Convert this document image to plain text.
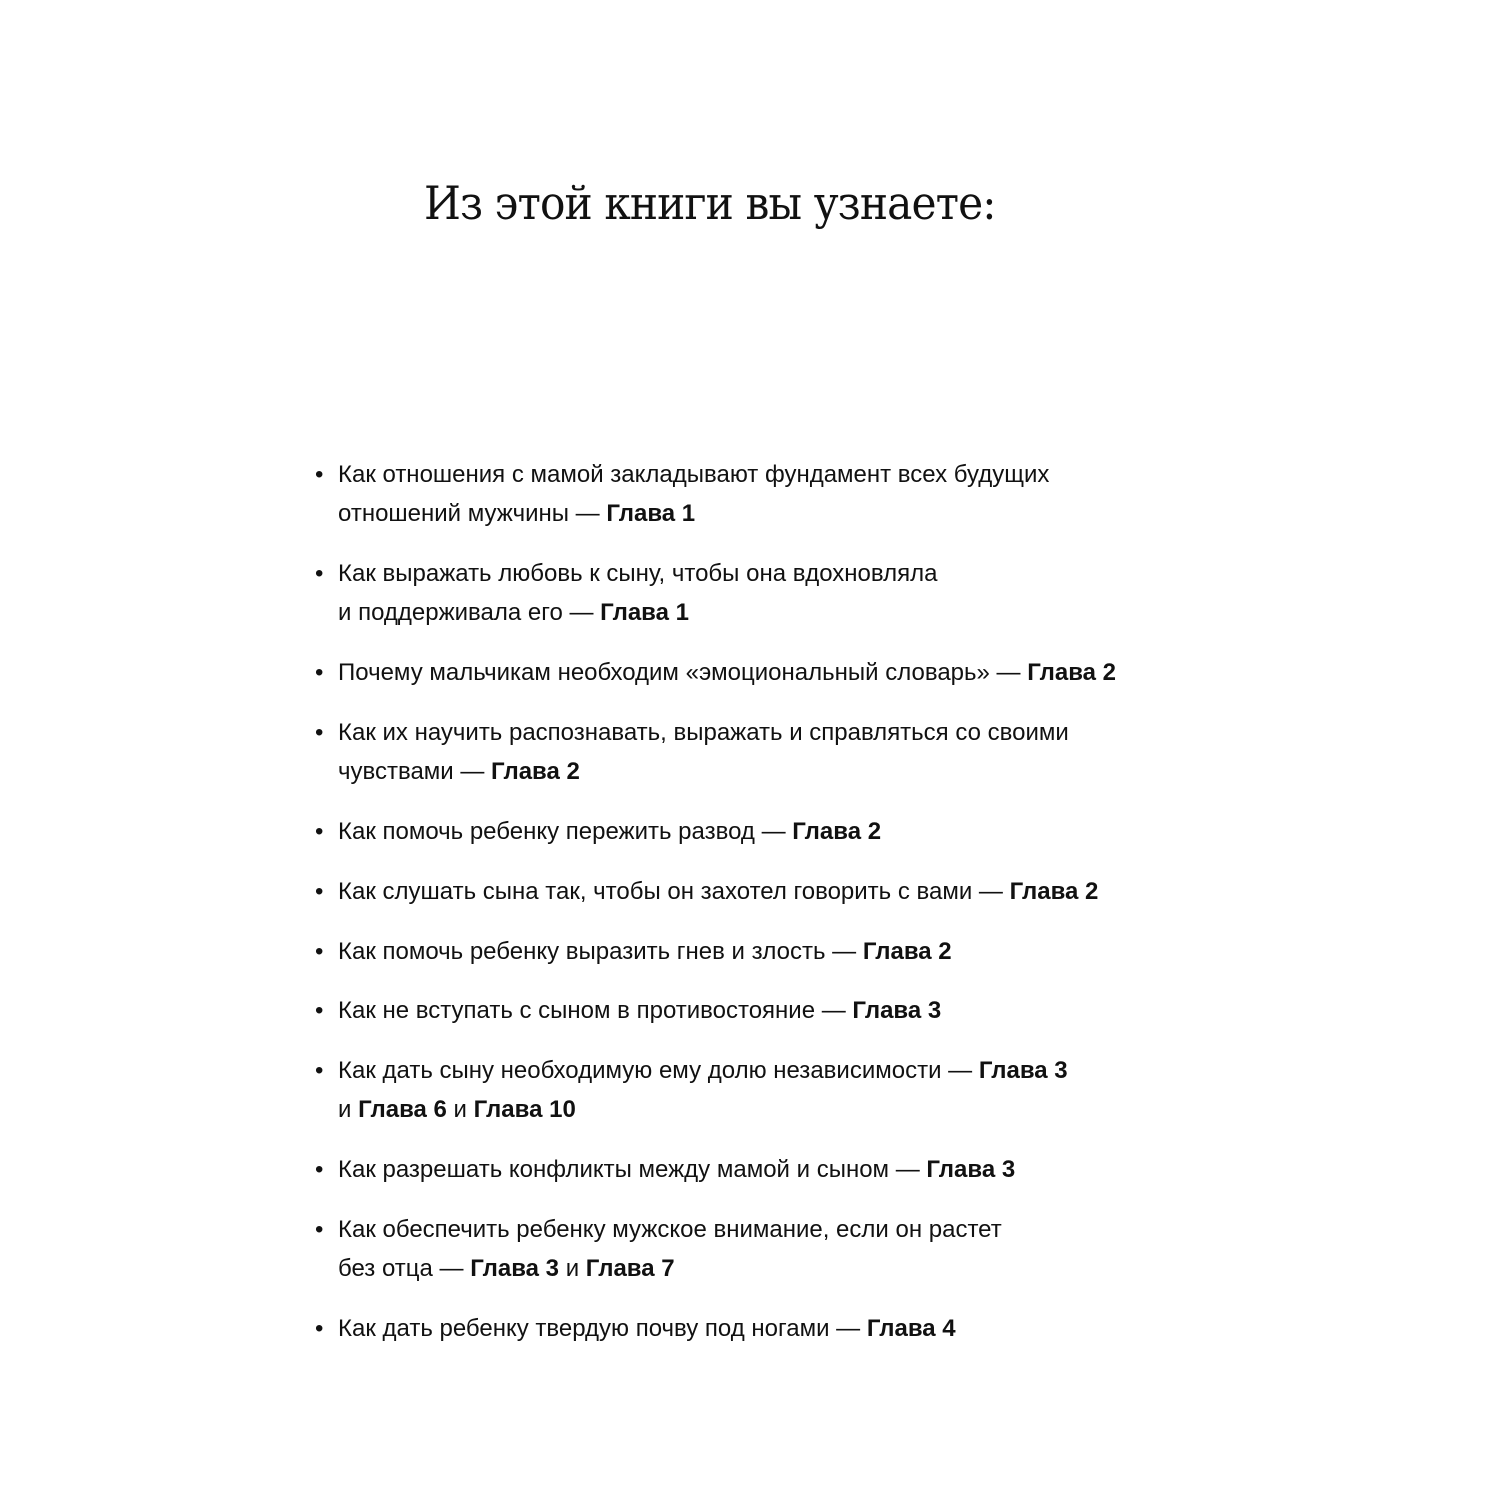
Из этой книги вы узнаете:
• Как отношения с мамой закладывают фундамент всех будущих
отношений мужчины — Глава 1
• Как выражать любовь к сыну, чтобы она вдохновляла
и поддерживала его — Глава 1
• Почему мальчикам необходим «эмоциональный словарь» — Глава 2
• Как их научить распознавать, выражать и справляться со своими
чувствами — Глава 2
• Как помочь ребенку пережить развод — Глава 2
• Как слушать сына так, чтобы он захотел говорить с вами — Глава 2
• Как помочь ребенку выразить гнев и злость — Глава 2
• Как не вступать с сыном в противостояние — Глава 3
• Как дать сыну необходимую ему долю независимости — Глава 3
и Глава 6 и Глава 10
• Как разрешать конфликты между мамой и сыном — Глава 3
• Как обеспечить ребенку мужское внимание, если он растет
без отца — Глава 3 и Глава 7
• Как дать ребенку твердую почву под ногами — Глава 4
